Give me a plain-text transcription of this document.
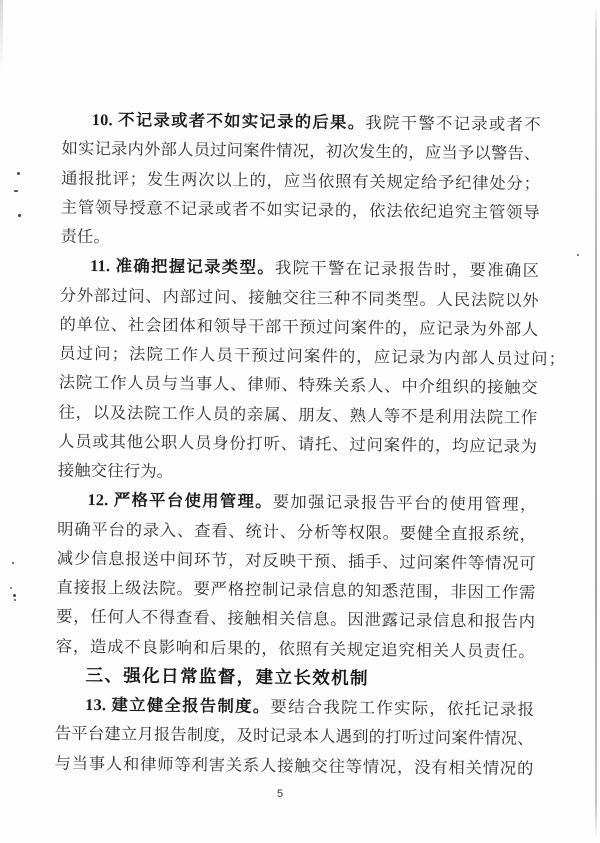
10. 不记录或者不如实记录的后果。我院干警不记录或者不
如实记录内外部人员过问案件情况，初次发生的，应当予以警告、
通报批评；发生两次以上的，应当依照有关规定给予纪律处分；
主管领导授意不记录或者不如实记录的，依法依纪追究主管领导
责任。
11. 准确把握记录类型。我院干警在记录报告时，要准确区
分外部过问、内部过问、接触交往三种不同类型。人民法院以外
的单位、社会团体和领导干部干预过问案件的，应记录为外部人
员过问；法院工作人员干预过问案件的，应记录为内部人员过问；
法院工作人员与当事人、律师、特殊关系人、中介组织的接触交
往，以及法院工作人员的亲属、朋友、熟人等不是利用法院工作
人员或其他公职人员身份打听、请托、过问案件的，均应记录为
接触交往行为。
12. 严格平台使用管理。要加强记录报告平台的使用管理，
明确平台的录入、查看、统计、分析等权限。要健全直报系统，
减少信息报送中间环节，对反映干预、插手、过问案件等情况可
直接报上级法院。要严格控制记录信息的知悉范围，非因工作需
要，任何人不得查看、接触相关信息。因泄露记录信息和报告内
容，造成不良影响和后果的，依照有关规定追究相关人员责任。
三、强化日常监督，建立长效机制
13. 建立健全报告制度。要结合我院工作实际，依托记录报
告平台建立月报告制度，及时记录本人遇到的打听过问案件情况、
与当事人和律师等利害关系人接触交往等情况，没有相关情况的
5
